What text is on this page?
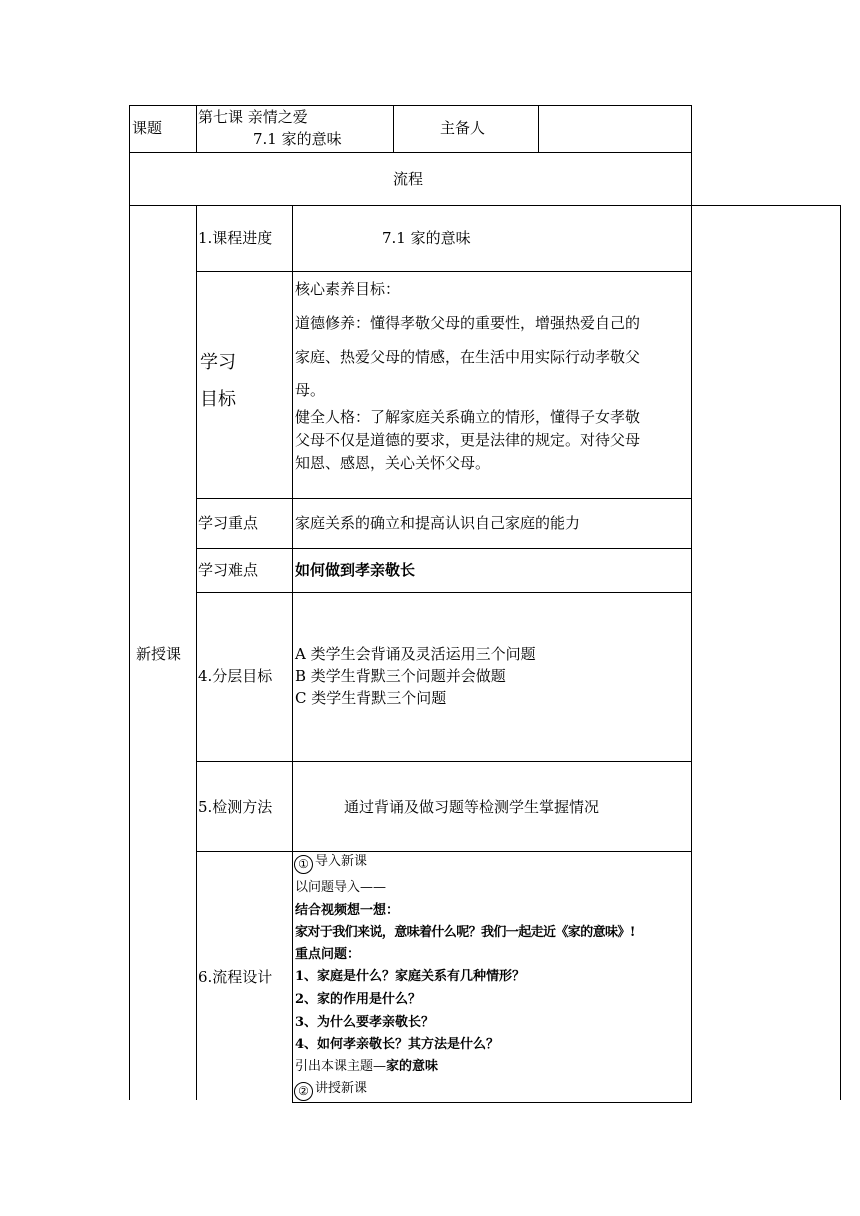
课题
第七课 亲情之爱
7.1 家的意味
主备人
流程
新授课
1.课程进度	7.1 家的意味
学习
目标
核心素养目标：
道德修养：懂得孝敬父母的重要性，增强热爱自己的
家庭、热爱父母的情感，在生活中用实际行动孝敬父
母。
健全人格：了解家庭关系确立的情形，懂得子女孝敬
父母不仅是道德的要求，更是法律的规定。对待父母
知恩、感恩，关心关怀父母。
学习重点 家庭关系的确立和提高认识自己家庭的能力
学习难点 如何做到孝亲敬长
4.分层目标
A 类学生会背诵及灵活运用三个问题
B 类学生背默三个问题并会做题
C 类学生背默三个问题
5.检测方法	通过背诵及做习题等检测学生掌握情况
6.流程设计
① 导入新课
以问题导入——
结合视频想一想：
家对于我们来说，意味着什么呢？我们一起走近《家的意味》!
重点问题：
1、家庭是什么？家庭关系有几种情形？
2、家的作用是什么？
3、为什么要孝亲敬长？
4、如何孝亲敬长？其方法是什么？
引出本课主题—家的意味
② 讲授新课
